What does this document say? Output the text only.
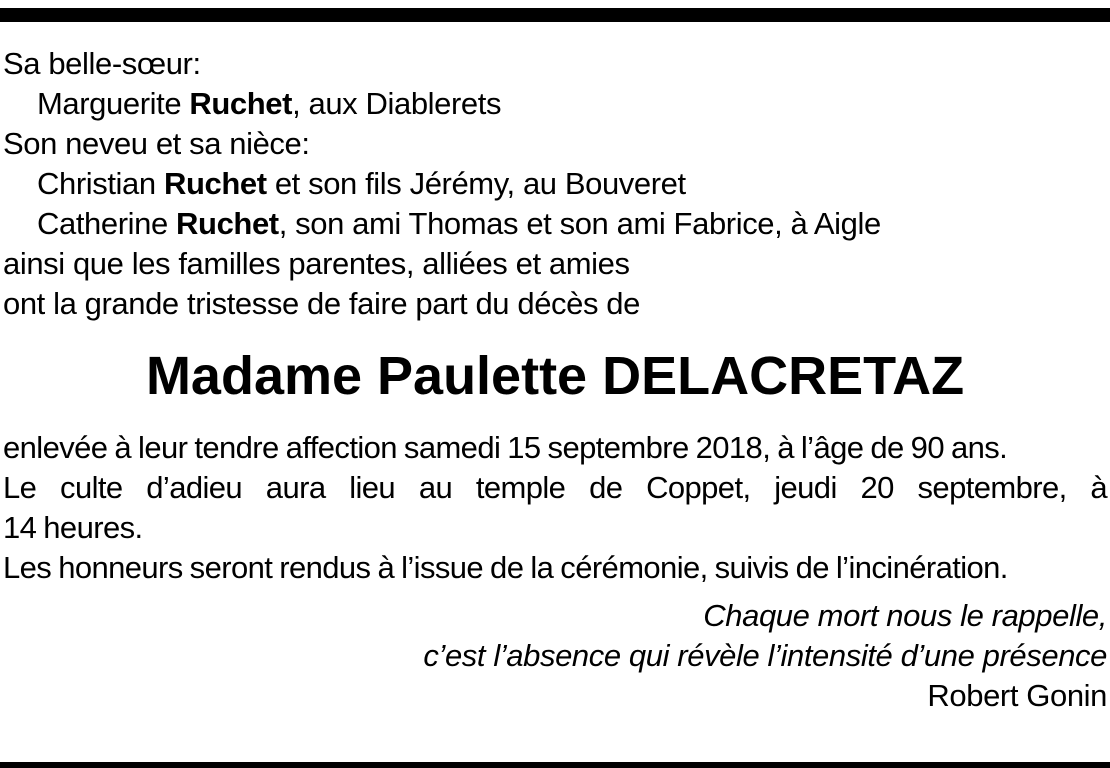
Sa belle-sœur:
Marguerite Ruchet, aux Diablerets
Son neveu et sa nièce:
Christian Ruchet et son fils Jérémy, au Bouveret
Catherine Ruchet, son ami Thomas et son ami Fabrice, à Aigle
ainsi que les familles parentes, alliées et amies
ont la grande tristesse de faire part du décès de
Madame Paulette DELACRETAZ
enlevée à leur tendre affection samedi 15 septembre 2018, à l’âge de 90 ans.
Le culte d’adieu aura lieu au temple de Coppet, jeudi 20 septembre, à
14 heures.
Les honneurs seront rendus à l’issue de la cérémonie, suivis de l’incinération.
Chaque mort nous le rappelle,
c’est l’absence qui révèle l’intensité d’une présence
Robert Gonin
